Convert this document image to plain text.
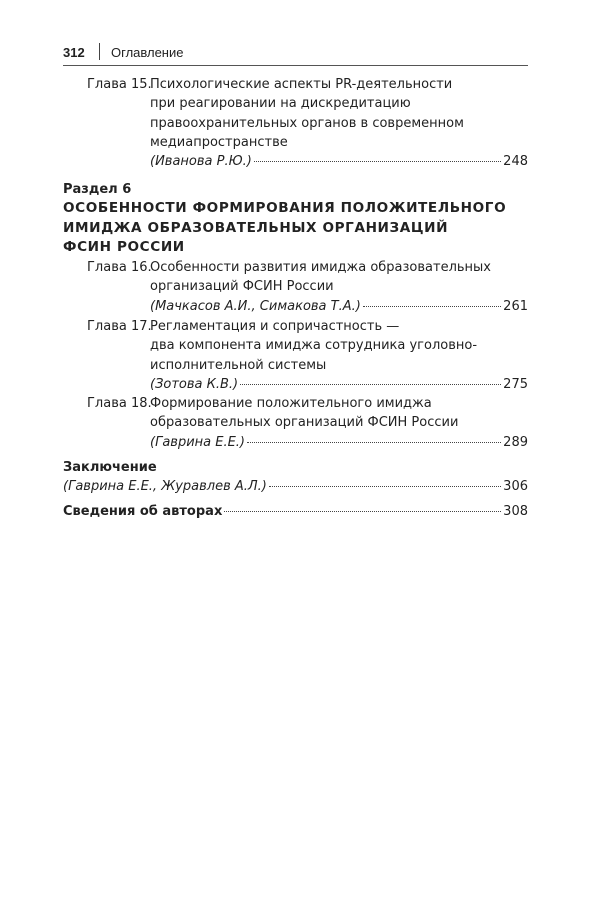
312 Оглавление
Глава 15.
Психологические аспекты PR-деятельности
при реагировании на дискредитацию
правоохранительных органов в современном
медиапространстве
(Иванова Р.Ю.)	248
Раздел 6
ОСОБЕННОСТИ ФОРМИРОВАНИЯ ПОЛОЖИТЕЛЬНОГО
ИМИДЖА ОБРАЗОВАТЕЛЬНЫХ ОРГАНИЗАЦИЙ
ФСИН РОССИИ
Глава 16.
Особенности развития имиджа образовательных
организаций ФСИН России
(Мачкасов А.И., Симакова Т.А.)	261
Глава 17.
Регламентация и сопричастность —
два компонента имиджа сотрудника уголовно-
исполнительной системы
(Зотова К.В.)	275
Глава 18.
Формирование положительного имиджа
образовательных организаций ФСИН России
(Гаврина Е.Е.)	289
Заключение
(Гаврина Е.Е., Журавлев А.Л.)	306
Сведения об авторах	308
